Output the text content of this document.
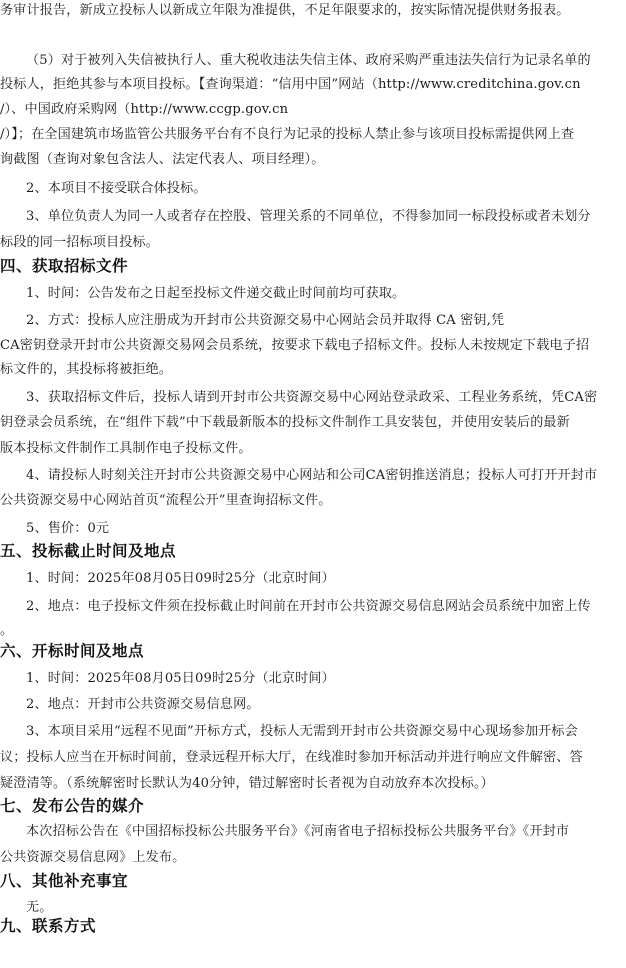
务审计报告，新成立投标人以新成立年限为准提供，不足年限要求的，按实际情况提供财务报表。
（5）对于被列入失信被执行人、重大税收违法失信主体、政府采购严重违法失信行为记录名单的
投标人，拒绝其参与本项目投标。【查询渠道：“信用中国”网站（http://www.creditchina.gov.cn
/）、中国政府采购网（http://www.ccgp.gov.cn
/）】；在全国建筑市场监管公共服务平台有不良行为记录的投标人禁止参与该项目投标需提供网上查
询截图（查询对象包含法人、法定代表人、项目经理）。
2、本项目不接受联合体投标。
3、单位负责人为同一人或者存在控股、管理关系的不同单位，不得参加同一标段投标或者未划分
标段的同一招标项目投标。
四、获取招标文件
1、时间：公告发布之日起至投标文件递交截止时间前均可获取。
2、方式：投标人应注册成为开封市公共资源交易中心网站会员并取得 CA 密钥,凭
CA密钥登录开封市公共资源交易网会员系统，按要求下载电子招标文件。投标人未按规定下载电子招
标文件的，其投标将被拒绝。
3、获取招标文件后，投标人请到开封市公共资源交易中心网站登录政采、工程业务系统，凭CA密
钥登录会员系统，在“组件下载”中下载最新版本的投标文件制作工具安装包，并使用安装后的最新
版本投标文件制作工具制作电子投标文件。
4、请投标人时刻关注开封市公共资源交易中心网站和公司CA密钥推送消息；投标人可打开开封市
公共资源交易中心网站首页“流程公开”里查询招标文件。
5、售价：0元
五、投标截止时间及地点
1、时间：2025年08月05日09时25分（北京时间）
2、地点：电子投标文件须在投标截止时间前在开封市公共资源交易信息网站会员系统中加密上传
。
六、开标时间及地点
1、时间：2025年08月05日09时25分（北京时间）
2、地点：开封市公共资源交易信息网。
3、本项目采用“远程不见面”开标方式，投标人无需到开封市公共资源交易中心现场参加开标会
议；投标人应当在开标时间前，登录远程开标大厅，在线准时参加开标活动并进行响应文件解密、答
疑澄清等。（系统解密时长默认为40分钟，错过解密时长者视为自动放弃本次投标。）
七、发布公告的媒介
本次招标公告在《中国招标投标公共服务平台》《河南省电子招标投标公共服务平台》《开封市
公共资源交易信息网》上发布。
八、其他补充事宜
无。
九、联系方式
